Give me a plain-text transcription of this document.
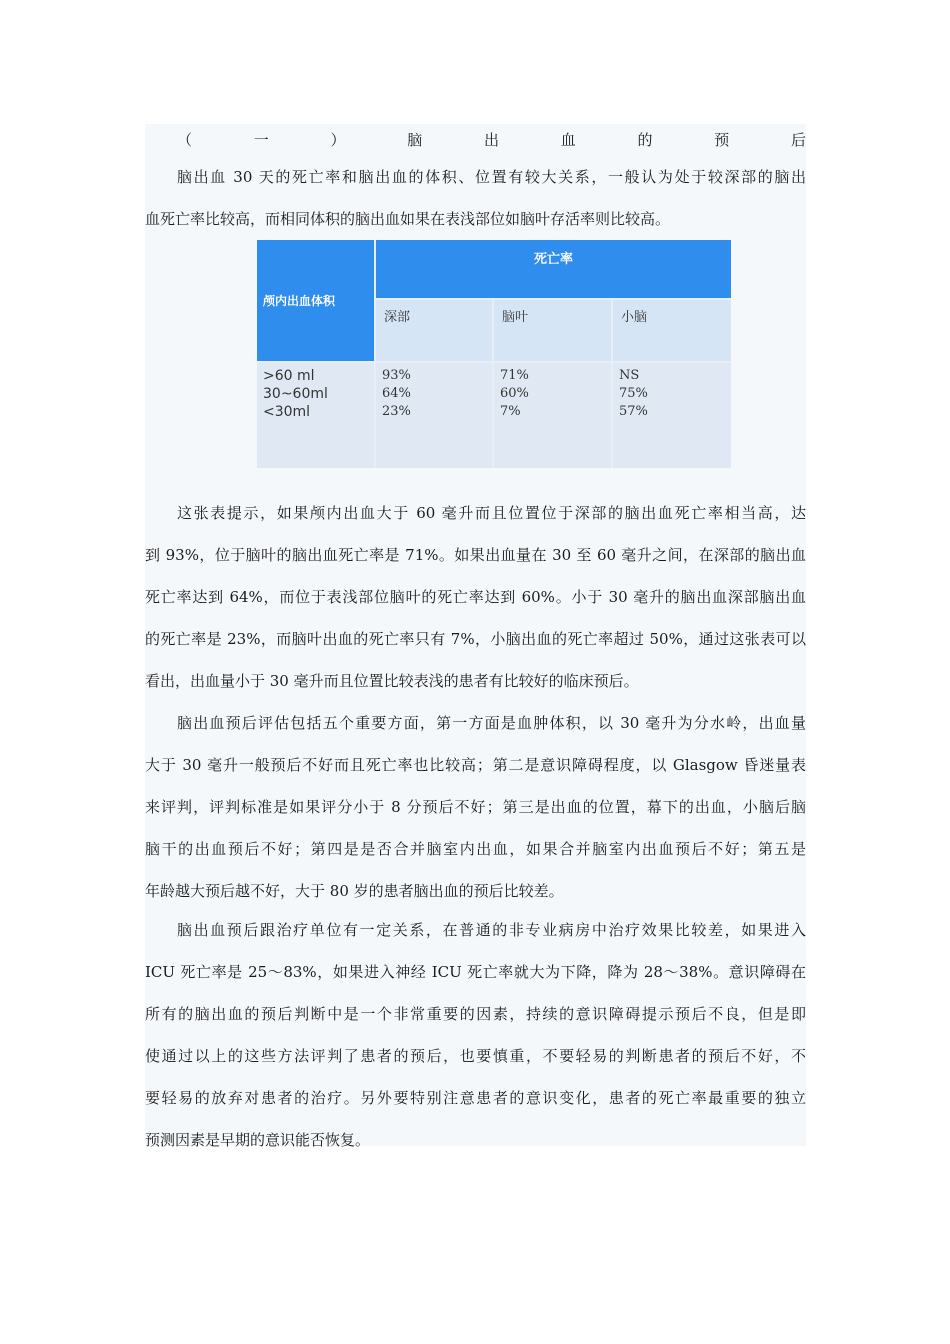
（一）脑出血的预后
脑出血 30 天的死亡率和脑出血的体积、位置有较大关系，一般认为处于较深部的脑出
血死亡率比较高，而相同体积的脑出血如果在表浅部位如脑叶存活率则比较高。
颅内出血体积
死亡率
深部	脑叶	小脑
>60 ml
30~60ml
<30ml
93%
64%
23%
71%
60%
7%
NS
75%
57%
这张表提示，如果颅内出血大于 60 毫升而且位置位于深部的脑出血死亡率相当高，达
到 93%，位于脑叶的脑出血死亡率是 71%。如果出血量在 30 至 60 毫升之间，在深部的脑出血
死亡率达到 64%，而位于表浅部位脑叶的死亡率达到 60%。小于 30 毫升的脑出血深部脑出血
的死亡率是 23%，而脑叶出血的死亡率只有 7%，小脑出血的死亡率超过 50%，通过这张表可以
看出，出血量小于 30 毫升而且位置比较表浅的患者有比较好的临床预后。
脑出血预后评估包括五个重要方面，第一方面是血肿体积，以 30 毫升为分水岭，出血量
大于 30 毫升一般预后不好而且死亡率也比较高；第二是意识障碍程度，以 Glasgow 昏迷量表
来评判，评判标准是如果评分小于 8 分预后不好；第三是出血的位置，幕下的出血，小脑后脑
脑干的出血预后不好；第四是是否合并脑室内出血，如果合并脑室内出血预后不好；第五是
年龄越大预后越不好，大于 80 岁的患者脑出血的预后比较差。
脑出血预后跟治疗单位有一定关系，在普通的非专业病房中治疗效果比较差，如果进入
ICU 死亡率是 25～83%，如果进入神经 ICU 死亡率就大为下降，降为 28～38%。意识障碍在
所有的脑出血的预后判断中是一个非常重要的因素，持续的意识障碍提示预后不良，但是即
使通过以上的这些方法评判了患者的预后，也要慎重，不要轻易的判断患者的预后不好，不
要轻易的放弃对患者的治疗。另外要特别注意患者的意识变化，患者的死亡率最重要的独立
预测因素是早期的意识能否恢复。
